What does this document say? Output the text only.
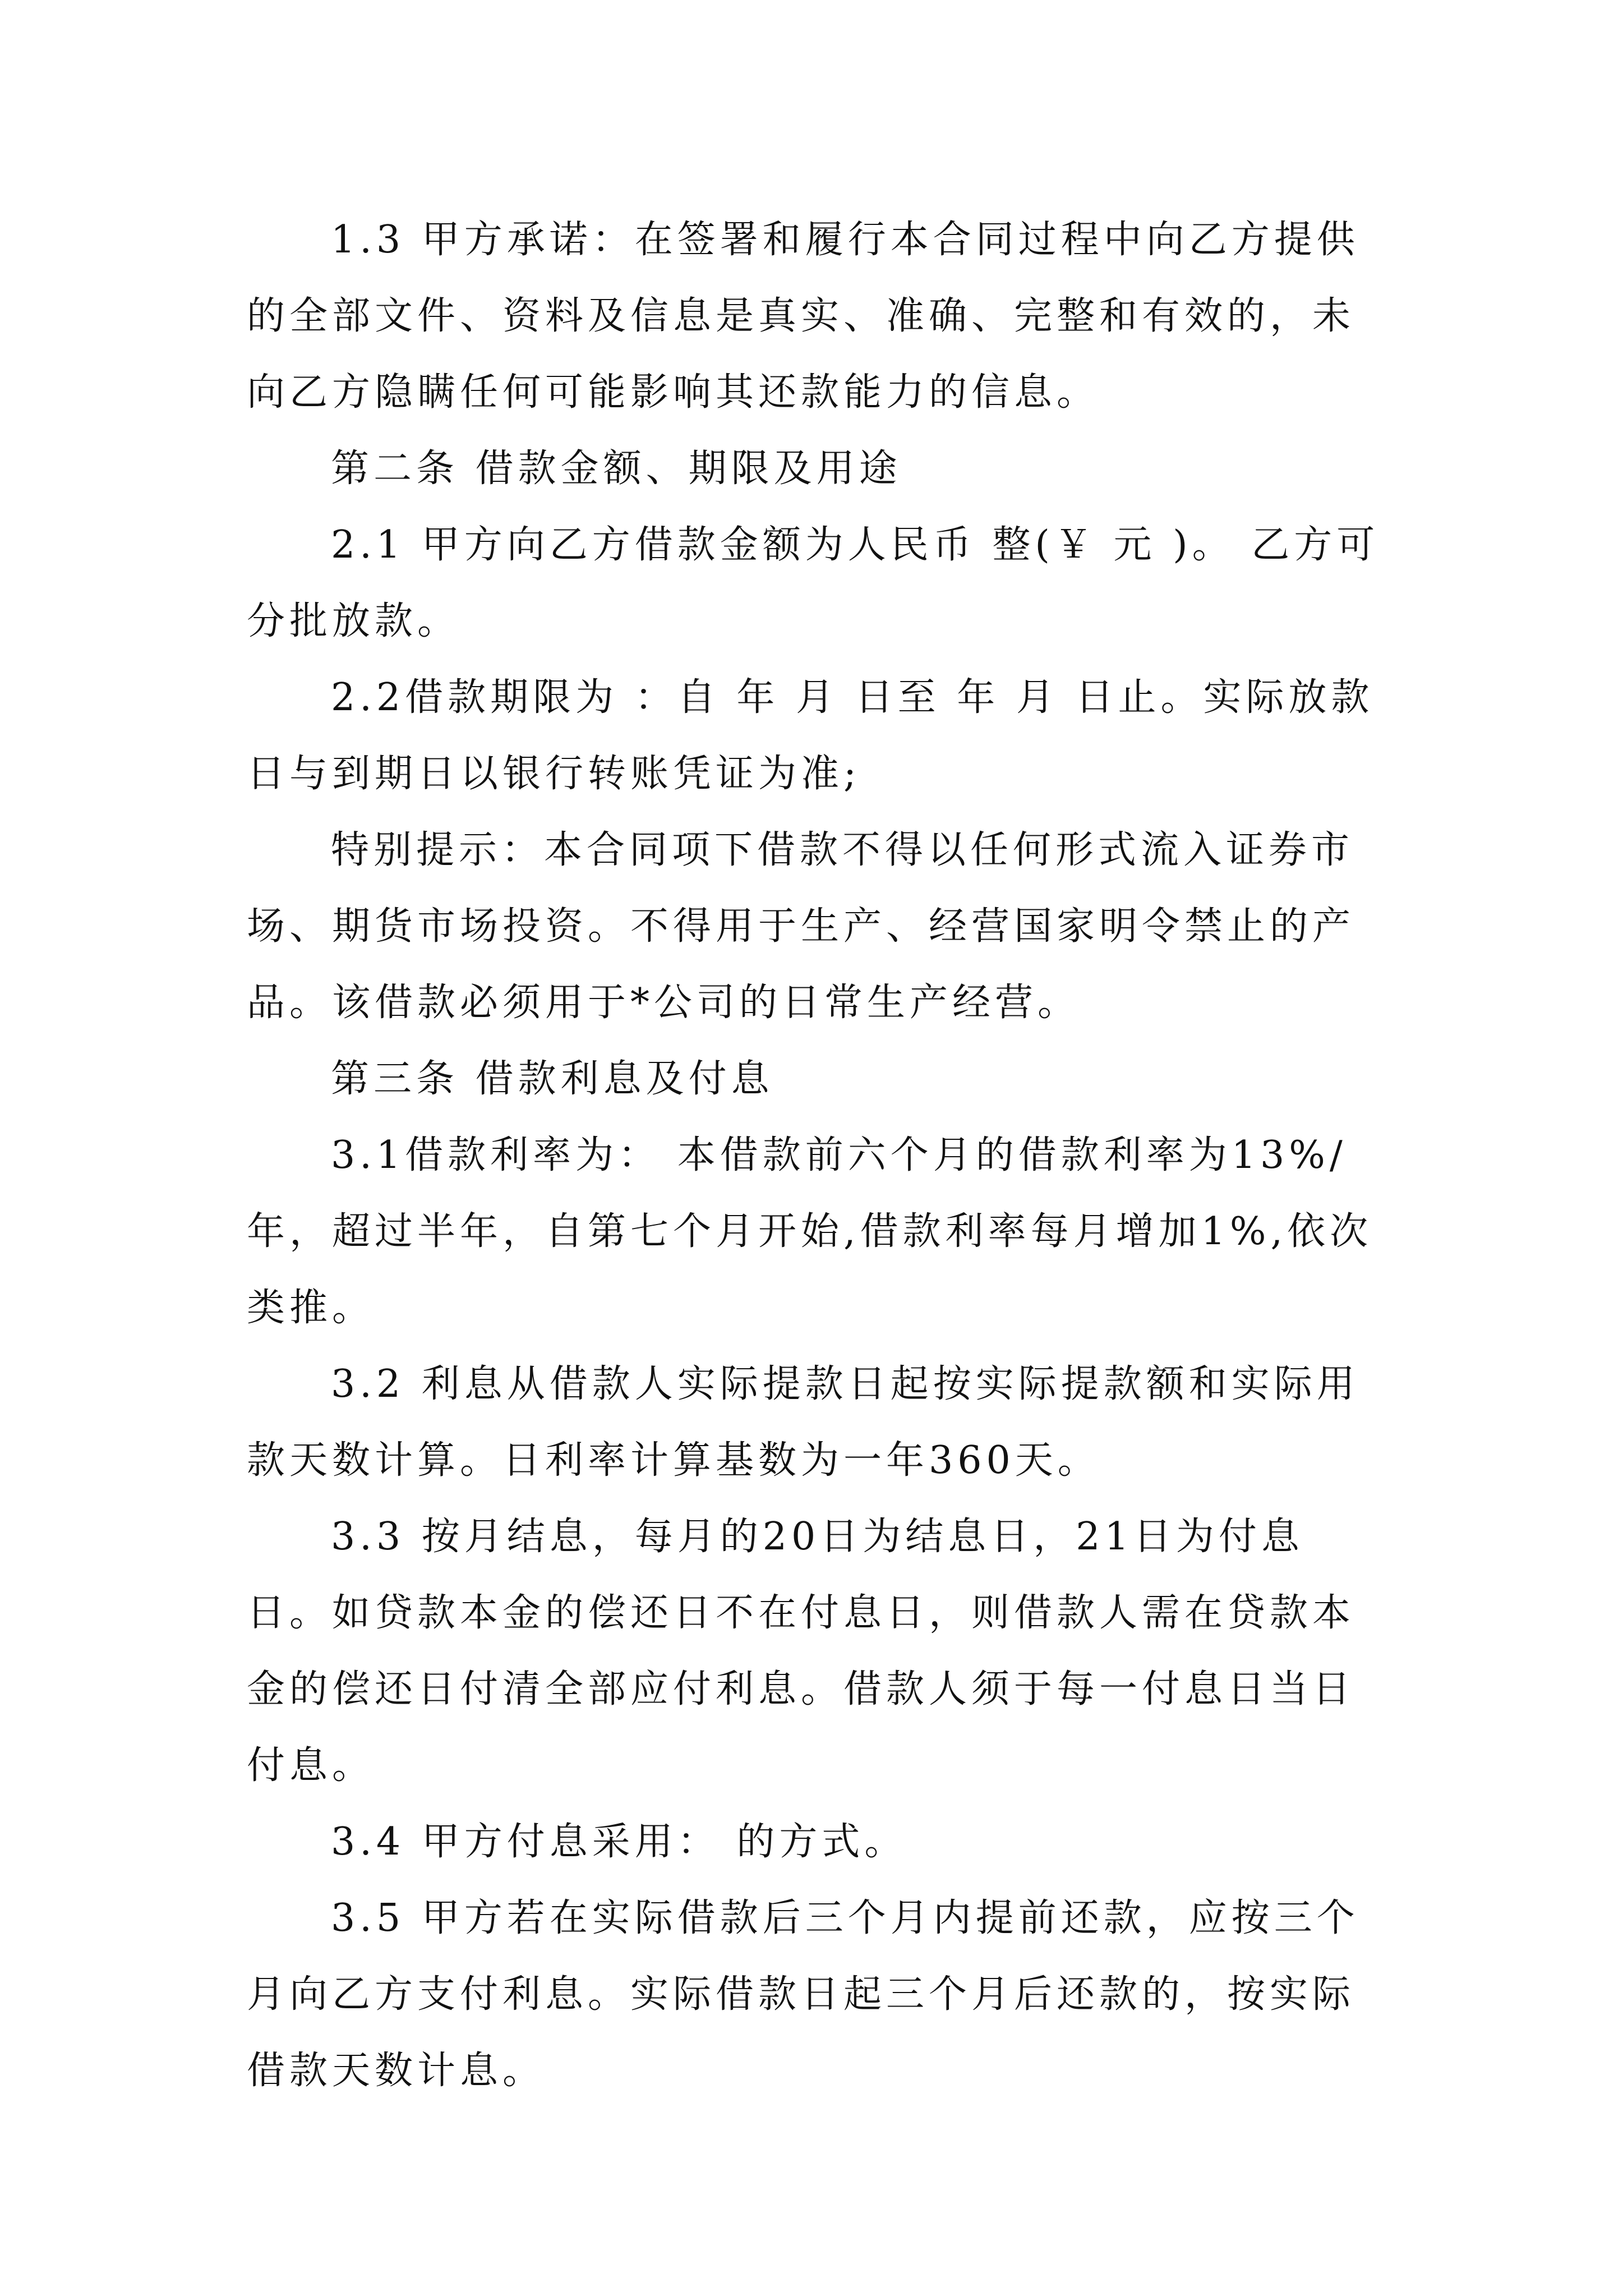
1.3 甲方承诺：在签署和履行本合同过程中向乙方提供的全部文件、资料及信息是真实、准确、完整和有效的，未向乙方隐瞒任何可能影响其还款能力的信息。

第二条 借款金额、期限及用途

2.1 甲方向乙方借款金额为人民币 整(￥ 元 )。 乙方可分批放款。

2.2借款期限为 ：自 年 月 日至 年 月 日止。实际放款日与到期日以银行转账凭证为准;

特别提示：本合同项下借款不得以任何形式流入证券市场、期货市场投资。不得用于生产、经营国家明令禁止的产品。该借款必须用于*公司的日常生产经营。

第三条 借款利息及付息

3.1借款利率为： 本借款前六个月的借款利率为13%/年，超过半年，自第七个月开始,借款利率每月增加1%,依次类推。

3.2 利息从借款人实际提款日起按实际提款额和实际用款天数计算。日利率计算基数为一年360天。

3.3 按月结息，每月的20日为结息日，21日为付息日。如贷款本金的偿还日不在付息日，则借款人需在贷款本金的偿还日付清全部应付利息。借款人须于每一付息日当日付息。

3.4 甲方付息采用： 的方式。

3.5 甲方若在实际借款后三个月内提前还款，应按三个月向乙方支付利息。实际借款日起三个月后还款的，按实际借款天数计息。
